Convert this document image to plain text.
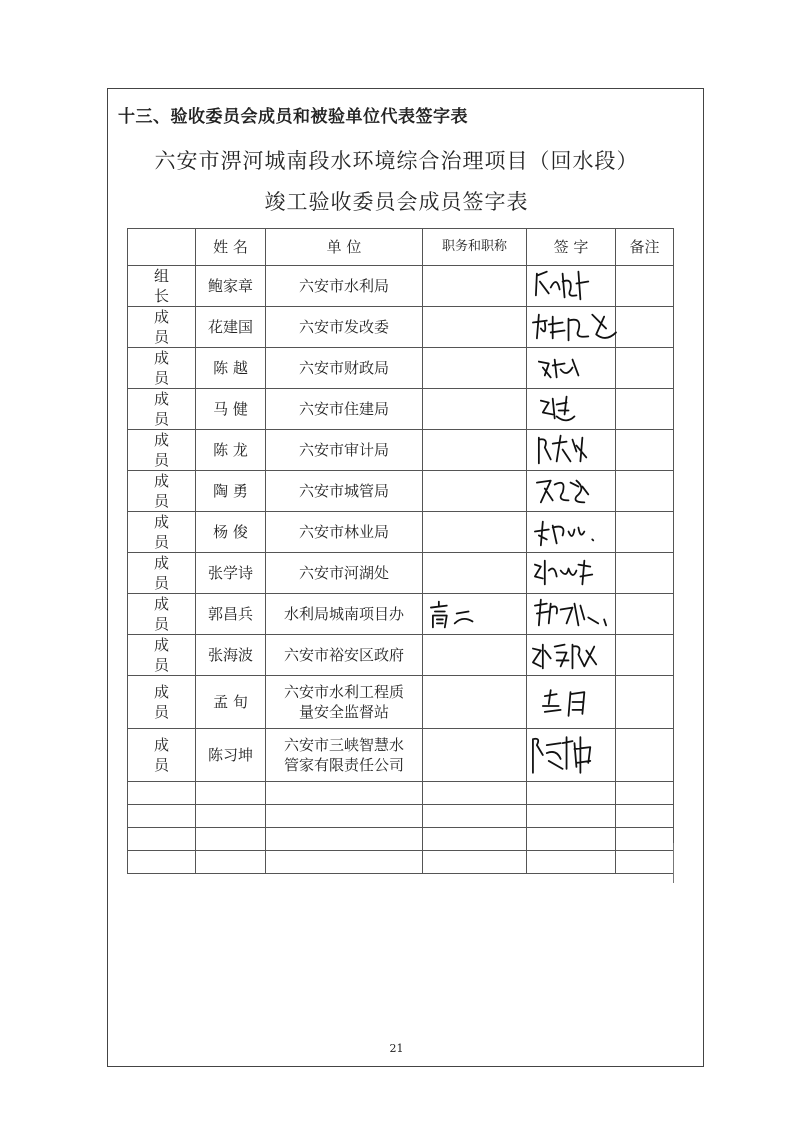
十三、验收委员会成员和被验单位代表签字表
六安市淠河城南段水环境综合治理项目（回水段）
竣工验收委员会成员签字表
	姓 名	单 位	职务和职称	签 字	备注
组长	鲍家章	六安市水利局		

成员	花建国	六安市发改委		

成员	陈 越	六安市财政局		

成员	马 健	六安市住建局		

成员	陈 龙	六安市审计局		

成员	陶 勇	六安市城管局		

成员	杨 俊	六安市林业局		

成员	张学诗	六安市河湖处		

成员	郭昌兵	水利局城南项目办	

成员	张海波	六安市裕安区政府		

成员	孟 旬	六安市水利工程质
量安全监督站

成员	陈习坤	六安市三峡智慧水
管家有限责任公司

21
